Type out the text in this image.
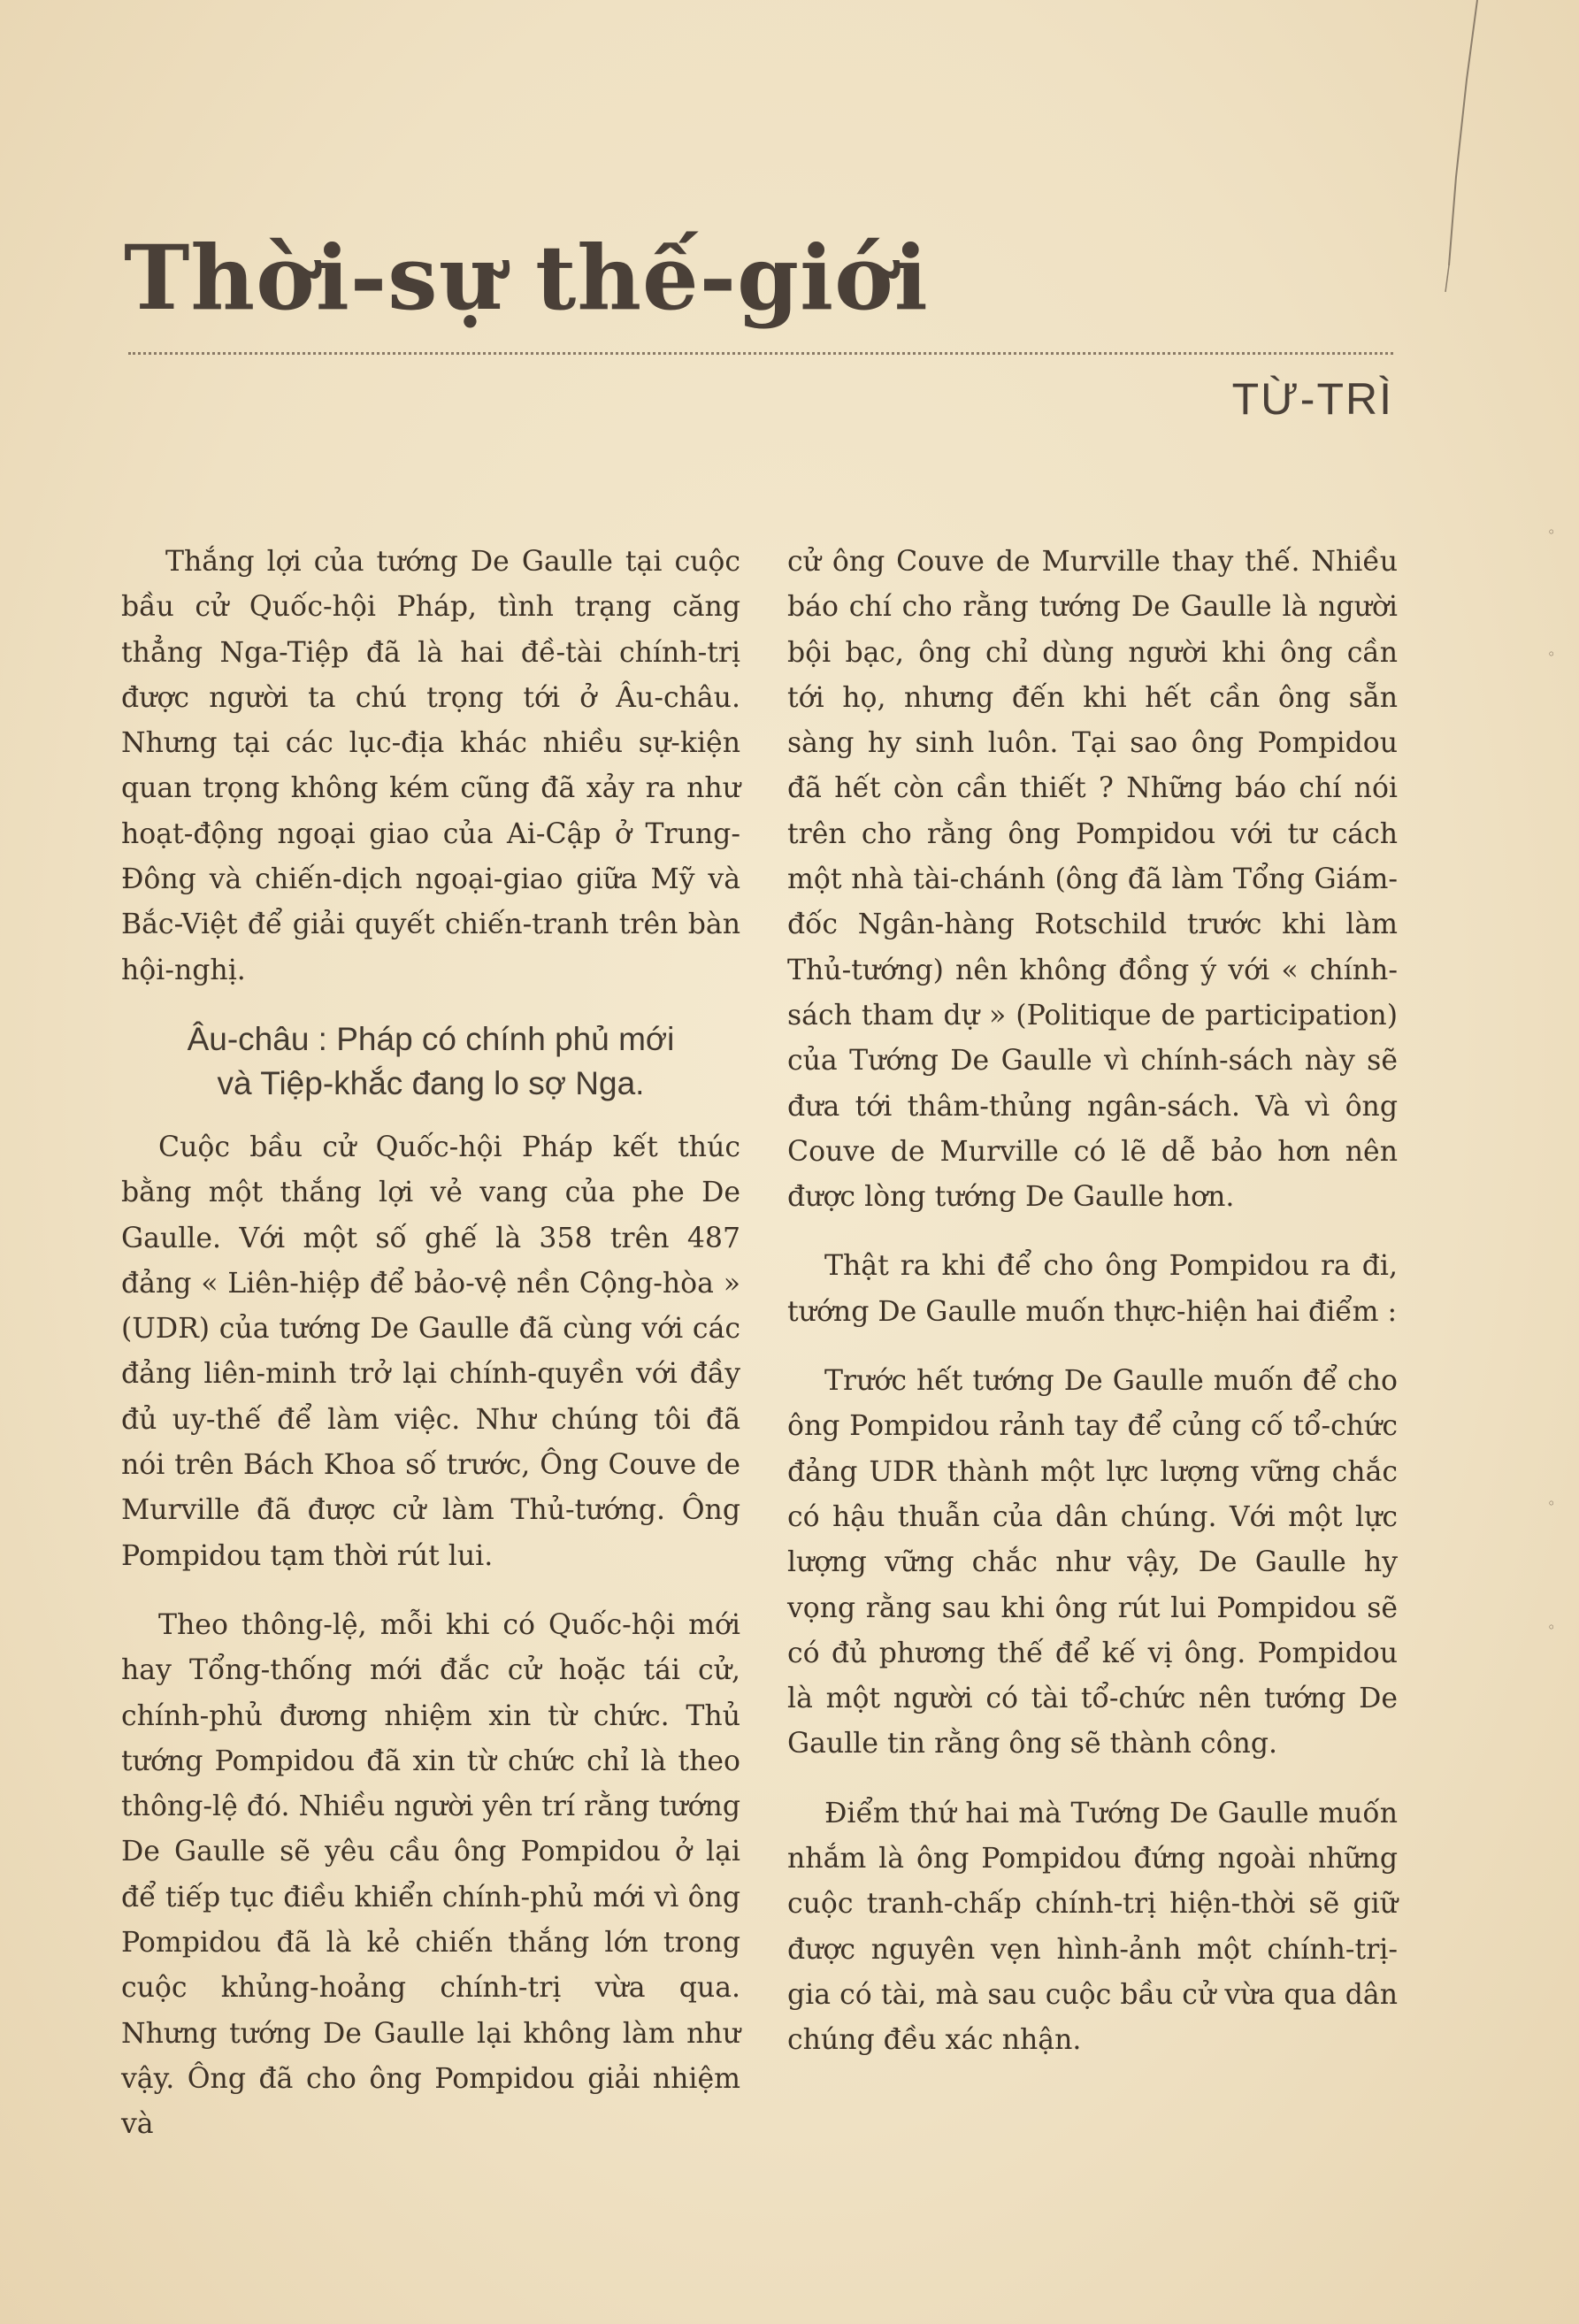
Thời-sự thế-giới
TỪ-TRÌ

Thắng lợi của tướng De Gaulle tại cuộc bầu cử Quốc-hội Pháp, tình trạng căng thẳng Nga-Tiệp đã là hai đề-tài chính-trị được người ta chú trọng tới ở Âu-châu. Nhưng tại các lục-địa khác nhiều sự-kiện quan trọng không kém cũng đã xảy ra như hoạt-động ngoại giao của Ai-Cập ở Trung-Đông và chiến-dịch ngoại-giao giữa Mỹ và Bắc-Việt để giải quyết chiến-tranh trên bàn hội-nghị.

Âu-châu : Pháp có chính phủ mới
và Tiệp-khắc đang lo sợ Nga.

Cuộc bầu cử Quốc-hội Pháp kết thúc bằng một thắng lợi vẻ vang của phe De Gaulle. Với một số ghế là 358 trên 487 đảng « Liên-hiệp để bảo-vệ nền Cộng-hòa » (UDR) của tướng De Gaulle đã cùng với các đảng liên-minh trở lại chính-quyền với đầy đủ uy-thế để làm việc. Như chúng tôi đã nói trên Bách Khoa số trước, Ông Couve de Murville đã được cử làm Thủ-tướng. Ông Pompidou tạm thời rút lui.

Theo thông-lệ, mỗi khi có Quốc-hội mới hay Tổng-thống mới đắc cử hoặc tái cử, chính-phủ đương nhiệm xin từ chức. Thủ tướng Pompidou đã xin từ chức chỉ là theo thông-lệ đó. Nhiều người yên trí rằng tướng De Gaulle sẽ yêu cầu ông Pompidou ở lại để tiếp tục điều khiển chính-phủ mới vì ông Pompidou đã là kẻ chiến thắng lớn trong cuộc khủng-hoảng chính-trị vừa qua. Nhưng tướng De Gaulle lại không làm như vậy. Ông đã cho ông Pompidou giải nhiệm và

cử ông Couve de Murville thay thế. Nhiều báo chí cho rằng tướng De Gaulle là người bội bạc, ông chỉ dùng người khi ông cần tới họ, nhưng đến khi hết cần ông sẵn sàng hy sinh luôn. Tại sao ông Pompidou đã hết còn cần thiết ? Những báo chí nói trên cho rằng ông Pompidou với tư cách một nhà tài-chánh (ông đã làm Tổng Giám-đốc Ngân-hàng Rotschild trước khi làm Thủ-tướng) nên không đồng ý với « chính-sách tham dự » (Politique de participation) của Tướng De Gaulle vì chính-sách này sẽ đưa tới thâm-thủng ngân-sách. Và vì ông Couve de Murville có lẽ dễ bảo hơn nên được lòng tướng De Gaulle hơn.

Thật ra khi để cho ông Pompidou ra đi, tướng De Gaulle muốn thực-hiện hai điểm :

Trước hết tướng De Gaulle muốn để cho ông Pompidou rảnh tay để củng cố tổ-chức đảng UDR thành một lực lượng vững chắc có hậu thuẫn của dân chúng. Với một lực lượng vững chắc như vậy, De Gaulle hy vọng rằng sau khi ông rút lui Pompidou sẽ có đủ phương thế để kế vị ông. Pompidou là một người có tài tổ-chức nên tướng De Gaulle tin rằng ông sẽ thành công.

Điểm thứ hai mà Tướng De Gaulle muốn nhắm là ông Pompidou đứng ngoài những cuộc tranh-chấp chính-trị hiện-thời sẽ giữ được nguyên vẹn hình-ảnh một chính-trị-gia có tài, mà sau cuộc bầu cử vừa qua dân chúng đều xác nhận.

◦
◦
◦
◦
